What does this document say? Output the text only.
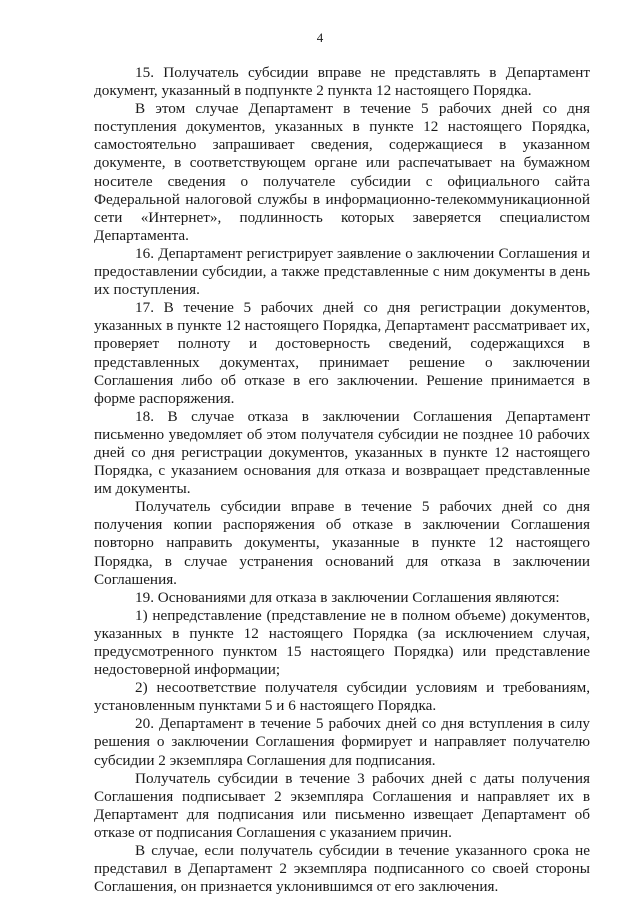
4

15. Получатель субсидии вправе не представлять в Департамент документ, указанный в подпункте 2 пункта 12 настоящего Порядка.

В этом случае Департамент в течение 5 рабочих дней со дня поступления документов, указанных в пункте 12 настоящего Порядка, самостоятельно запрашивает сведения, содержащиеся в указанном документе, в соответствующем органе или распечатывает на бумажном носителе сведения о получателе субсидии с официального сайта Федеральной налоговой службы в информационно-телекоммуникационной сети «Интернет», подлинность которых заверяется специалистом Департамента.

16. Департамент регистрирует заявление о заключении Соглашения и предоставлении субсидии, а также представленные с ним документы в день их поступления.

17. В течение 5 рабочих дней со дня регистрации документов, указанных в пункте 12 настоящего Порядка, Департамент рассматривает их, проверяет полноту и достоверность сведений, содержащихся в представленных документах, принимает решение о заключении Соглашения либо об отказе в его заключении. Решение принимается в форме распоряжения.

18. В случае отказа в заключении Соглашения Департамент письменно уведомляет об этом получателя субсидии не позднее 10 рабочих дней со дня регистрации документов, указанных в пункте 12 настоящего Порядка, с указанием основания для отказа и возвращает представленные им документы.

Получатель субсидии вправе в течение 5 рабочих дней со дня получения копии распоряжения об отказе в заключении Соглашения повторно направить документы, указанные в пункте 12 настоящего Порядка, в случае устранения оснований для отказа в заключении Соглашения.

19. Основаниями для отказа в заключении Соглашения являются:

1) непредставление (представление не в полном объеме) документов, указанных в пункте 12 настоящего Порядка (за исключением случая, предусмотренного пунктом 15 настоящего Порядка) или представление недостоверной информации;

2) несоответствие получателя субсидии условиям и требованиям, установленным пунктами 5 и 6 настоящего Порядка.

20. Департамент в течение 5 рабочих дней со дня вступления в силу решения о заключении Соглашения формирует и направляет получателю субсидии 2 экземпляра Соглашения для подписания.

Получатель субсидии в течение 3 рабочих дней с даты получения Соглашения подписывает 2 экземпляра Соглашения и направляет их в Департамент для подписания или письменно извещает Департамент об отказе от подписания Соглашения с указанием причин.

В случае, если получатель субсидии в течение указанного срока не представил в Департамент 2 экземпляра подписанного со своей стороны Соглашения, он признается уклонившимся от его заключения.
